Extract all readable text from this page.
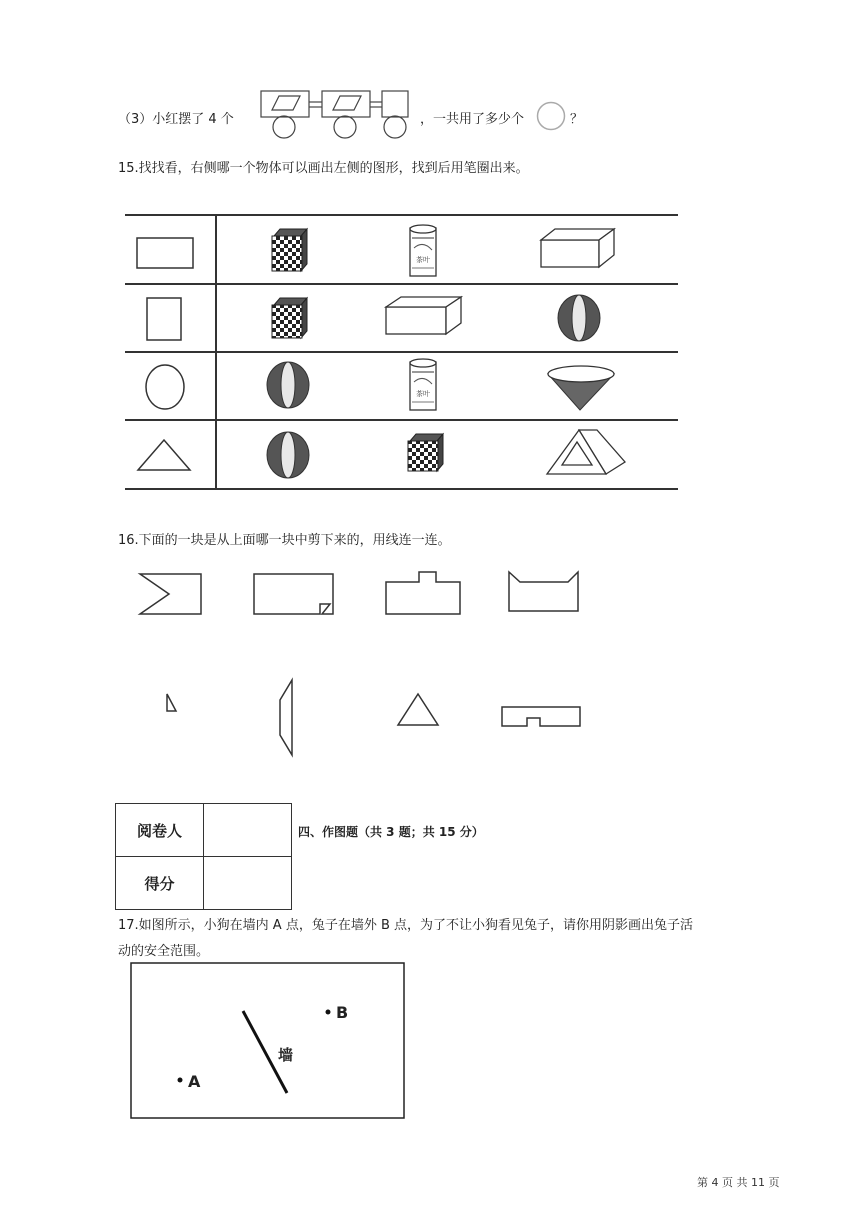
（3）小红摆了 4 个	，一共用了多少个	？
15.找找看，右侧哪一个物体可以画出左侧的图形，找到后用笔圈出来。
茶叶
茶叶
16.下面的一块是从上面哪一块中剪下来的，用线连一连。
阅卷人	
得分	
四、作图题（共 3 题；共 15 分）
17.如图所示，小狗在墙内 A 点，兔子在墙外 B 点，为了不让小狗看见兔子，请你用阴影画出兔子活
动的安全范围。
A
B
墙
第 4 页 共 11 页
